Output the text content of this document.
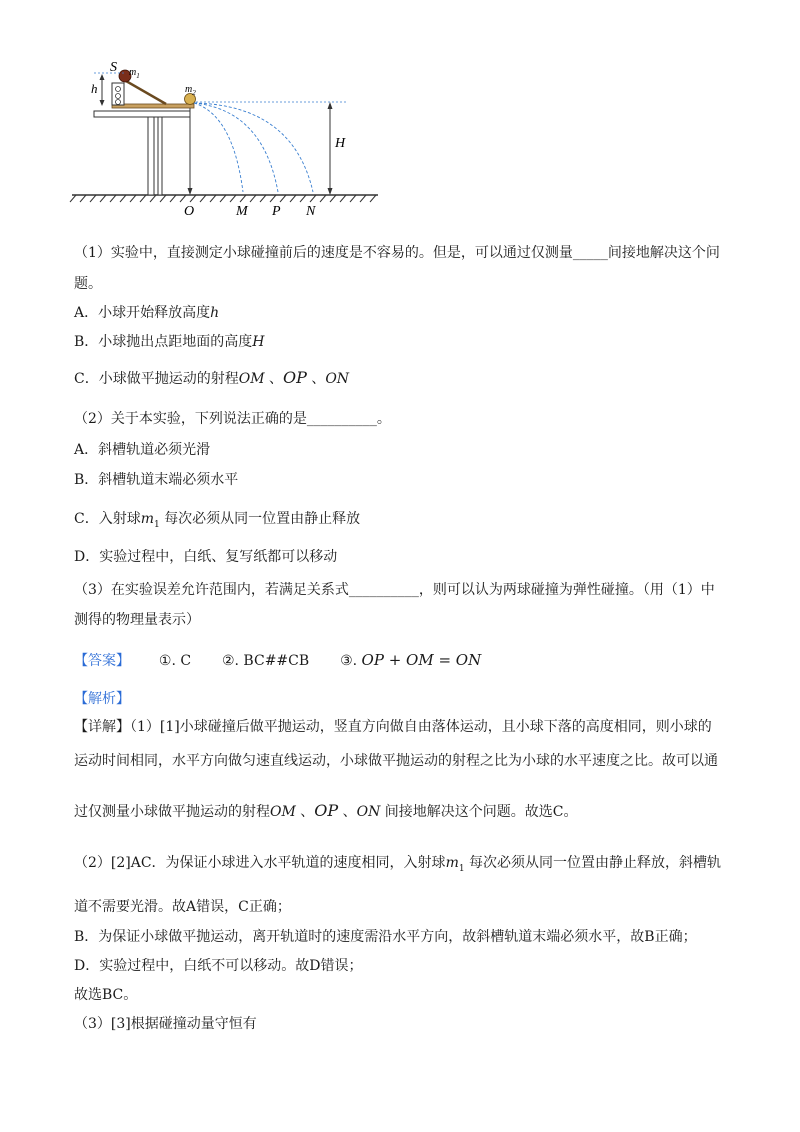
S $m_1$
$m_2$
h
H
O	M P N
（1）实验中，直接测定小球碰撞前后的速度是不容易的。但是，可以通过仅测量_____间接地解决这个问
题。
A．小球开始释放高度h
B．小球抛出点距地面的高度H
C．小球做平抛运动的射程OM 、OP 、ON
（2）关于本实验，下列说法正确的是__________。
A．斜槽轨道必须光滑
B．斜槽轨道末端必须水平
C．入射球$m_1$ 每次必须从同一位置由静止释放
D．实验过程中，白纸、复写纸都可以移动
（3）在实验误差允许范围内，若满足关系式__________，则可以认为两球碰撞为弹性碰撞。（用（1）中
测得的物理量表示）
【答案】 ①. C ②. BC##CB ③. OP + OM = ON
【解析】
【详解】（1）[1]小球碰撞后做平抛运动，竖直方向做自由落体运动，且小球下落的高度相同，则小球的
运动时间相同，水平方向做匀速直线运动，小球做平抛运动的射程之比为小球的水平速度之比。故可以通
过仅测量小球做平抛运动的射程OM 、OP 、ON 间接地解决这个问题。故选C。
（2）[2]AC．为保证小球进入水平轨道的速度相同，入射球$m_1$ 每次必须从同一位置由静止释放，斜槽轨
道不需要光滑。故A错误，C正确；
B．为保证小球做平抛运动，离开轨道时的速度需沿水平方向，故斜槽轨道末端必须水平，故B正确；
D．实验过程中，白纸不可以移动。故D错误；
故选BC。
（3）[3]根据碰撞动量守恒有
